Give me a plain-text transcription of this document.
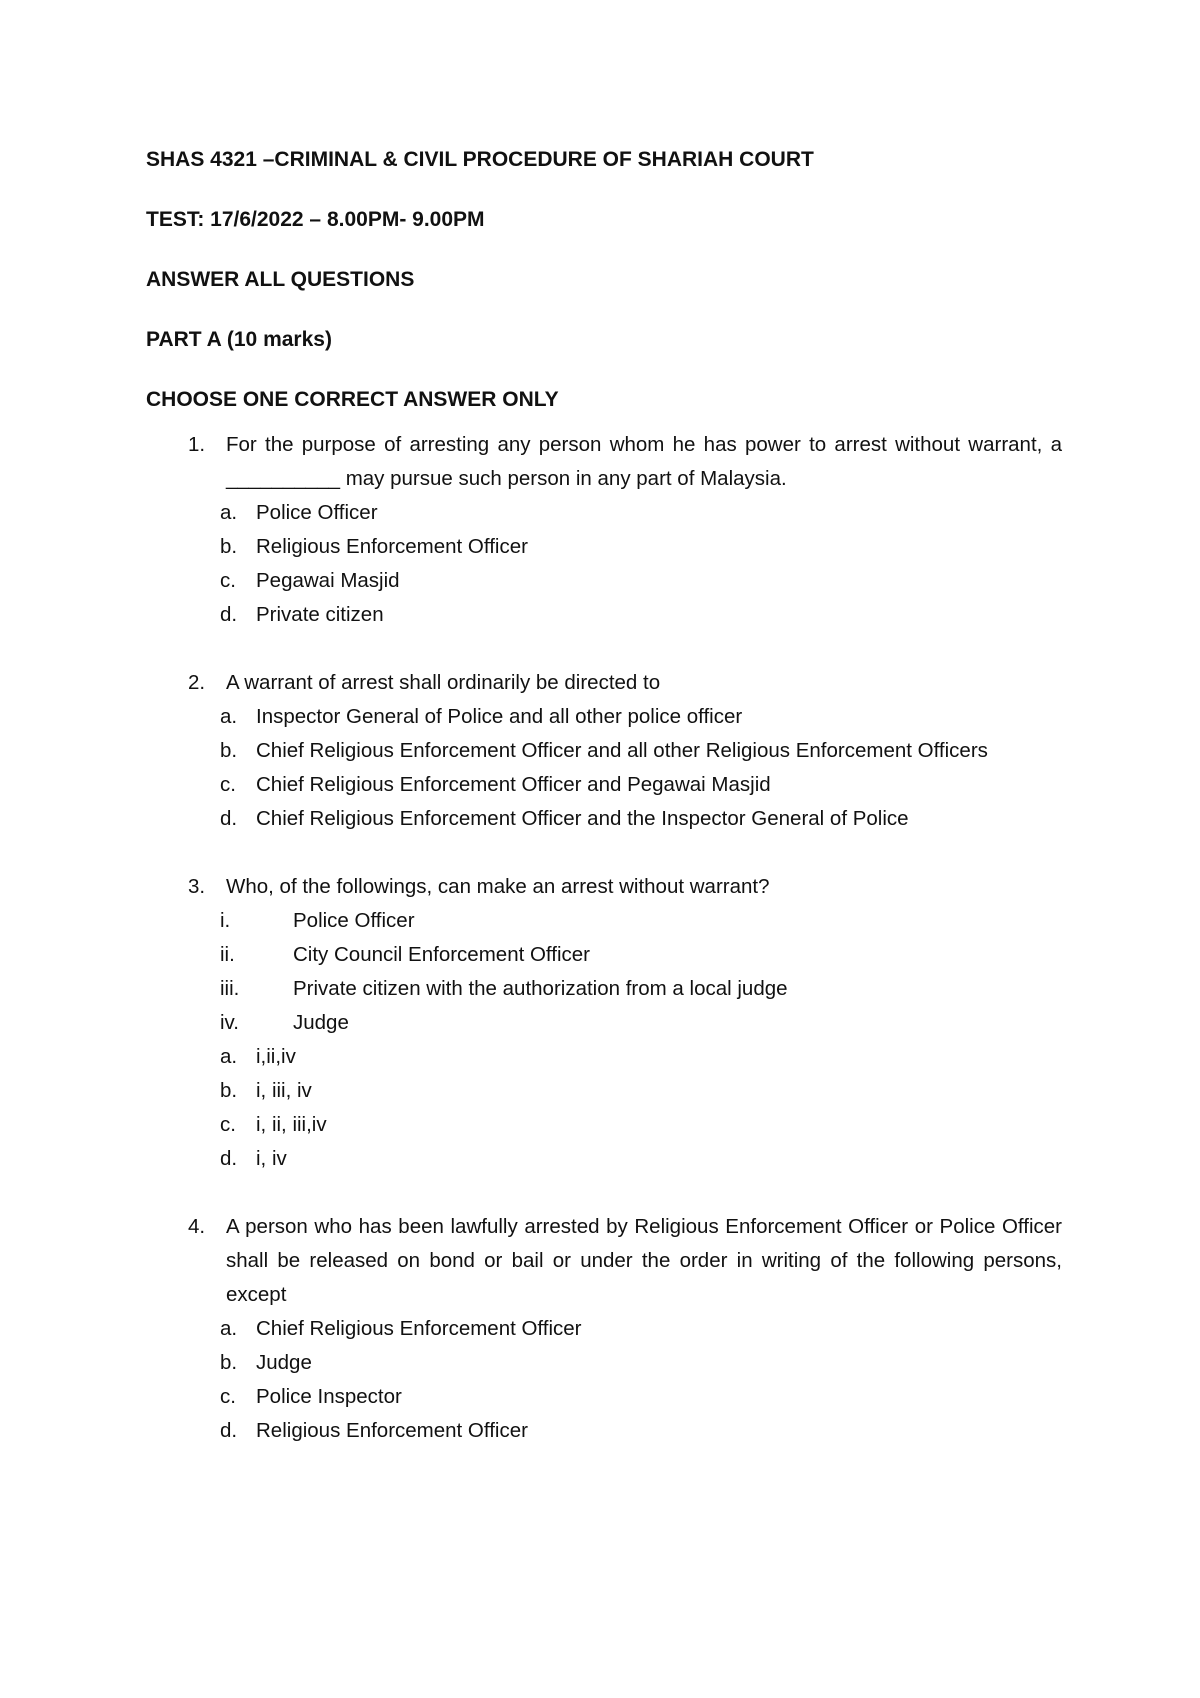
SHAS 4321 –CRIMINAL & CIVIL PROCEDURE OF SHARIAH COURT
TEST: 17/6/2022 – 8.00PM- 9.00PM
ANSWER ALL QUESTIONS
PART A (10 marks)
CHOOSE ONE CORRECT ANSWER ONLY
1. For the purpose of arresting any person whom he has power to arrest without warrant, a __________ may pursue such person in any part of Malaysia.
a. Police Officer
b. Religious Enforcement Officer
c. Pegawai Masjid
d. Private citizen
2. A warrant of arrest shall ordinarily be directed to
a. Inspector General of Police and all other police officer
b. Chief Religious Enforcement Officer and all other Religious Enforcement Officers
c. Chief Religious Enforcement Officer and Pegawai Masjid
d. Chief Religious Enforcement Officer and the Inspector General of Police
3. Who, of the followings, can make an arrest without warrant?
i.	Police Officer
ii.	City Council Enforcement Officer
iii.	Private citizen with the authorization from a local judge
iv.	Judge
a. i,ii,iv
b. i, iii, iv
c. i, ii, iii,iv
d. i, iv
4. A person who has been lawfully arrested by Religious Enforcement Officer or Police Officer shall be released on bond or bail or under the order in writing of the following persons, except
a. Chief Religious Enforcement Officer
b. Judge
c. Police Inspector
d. Religious Enforcement Officer
